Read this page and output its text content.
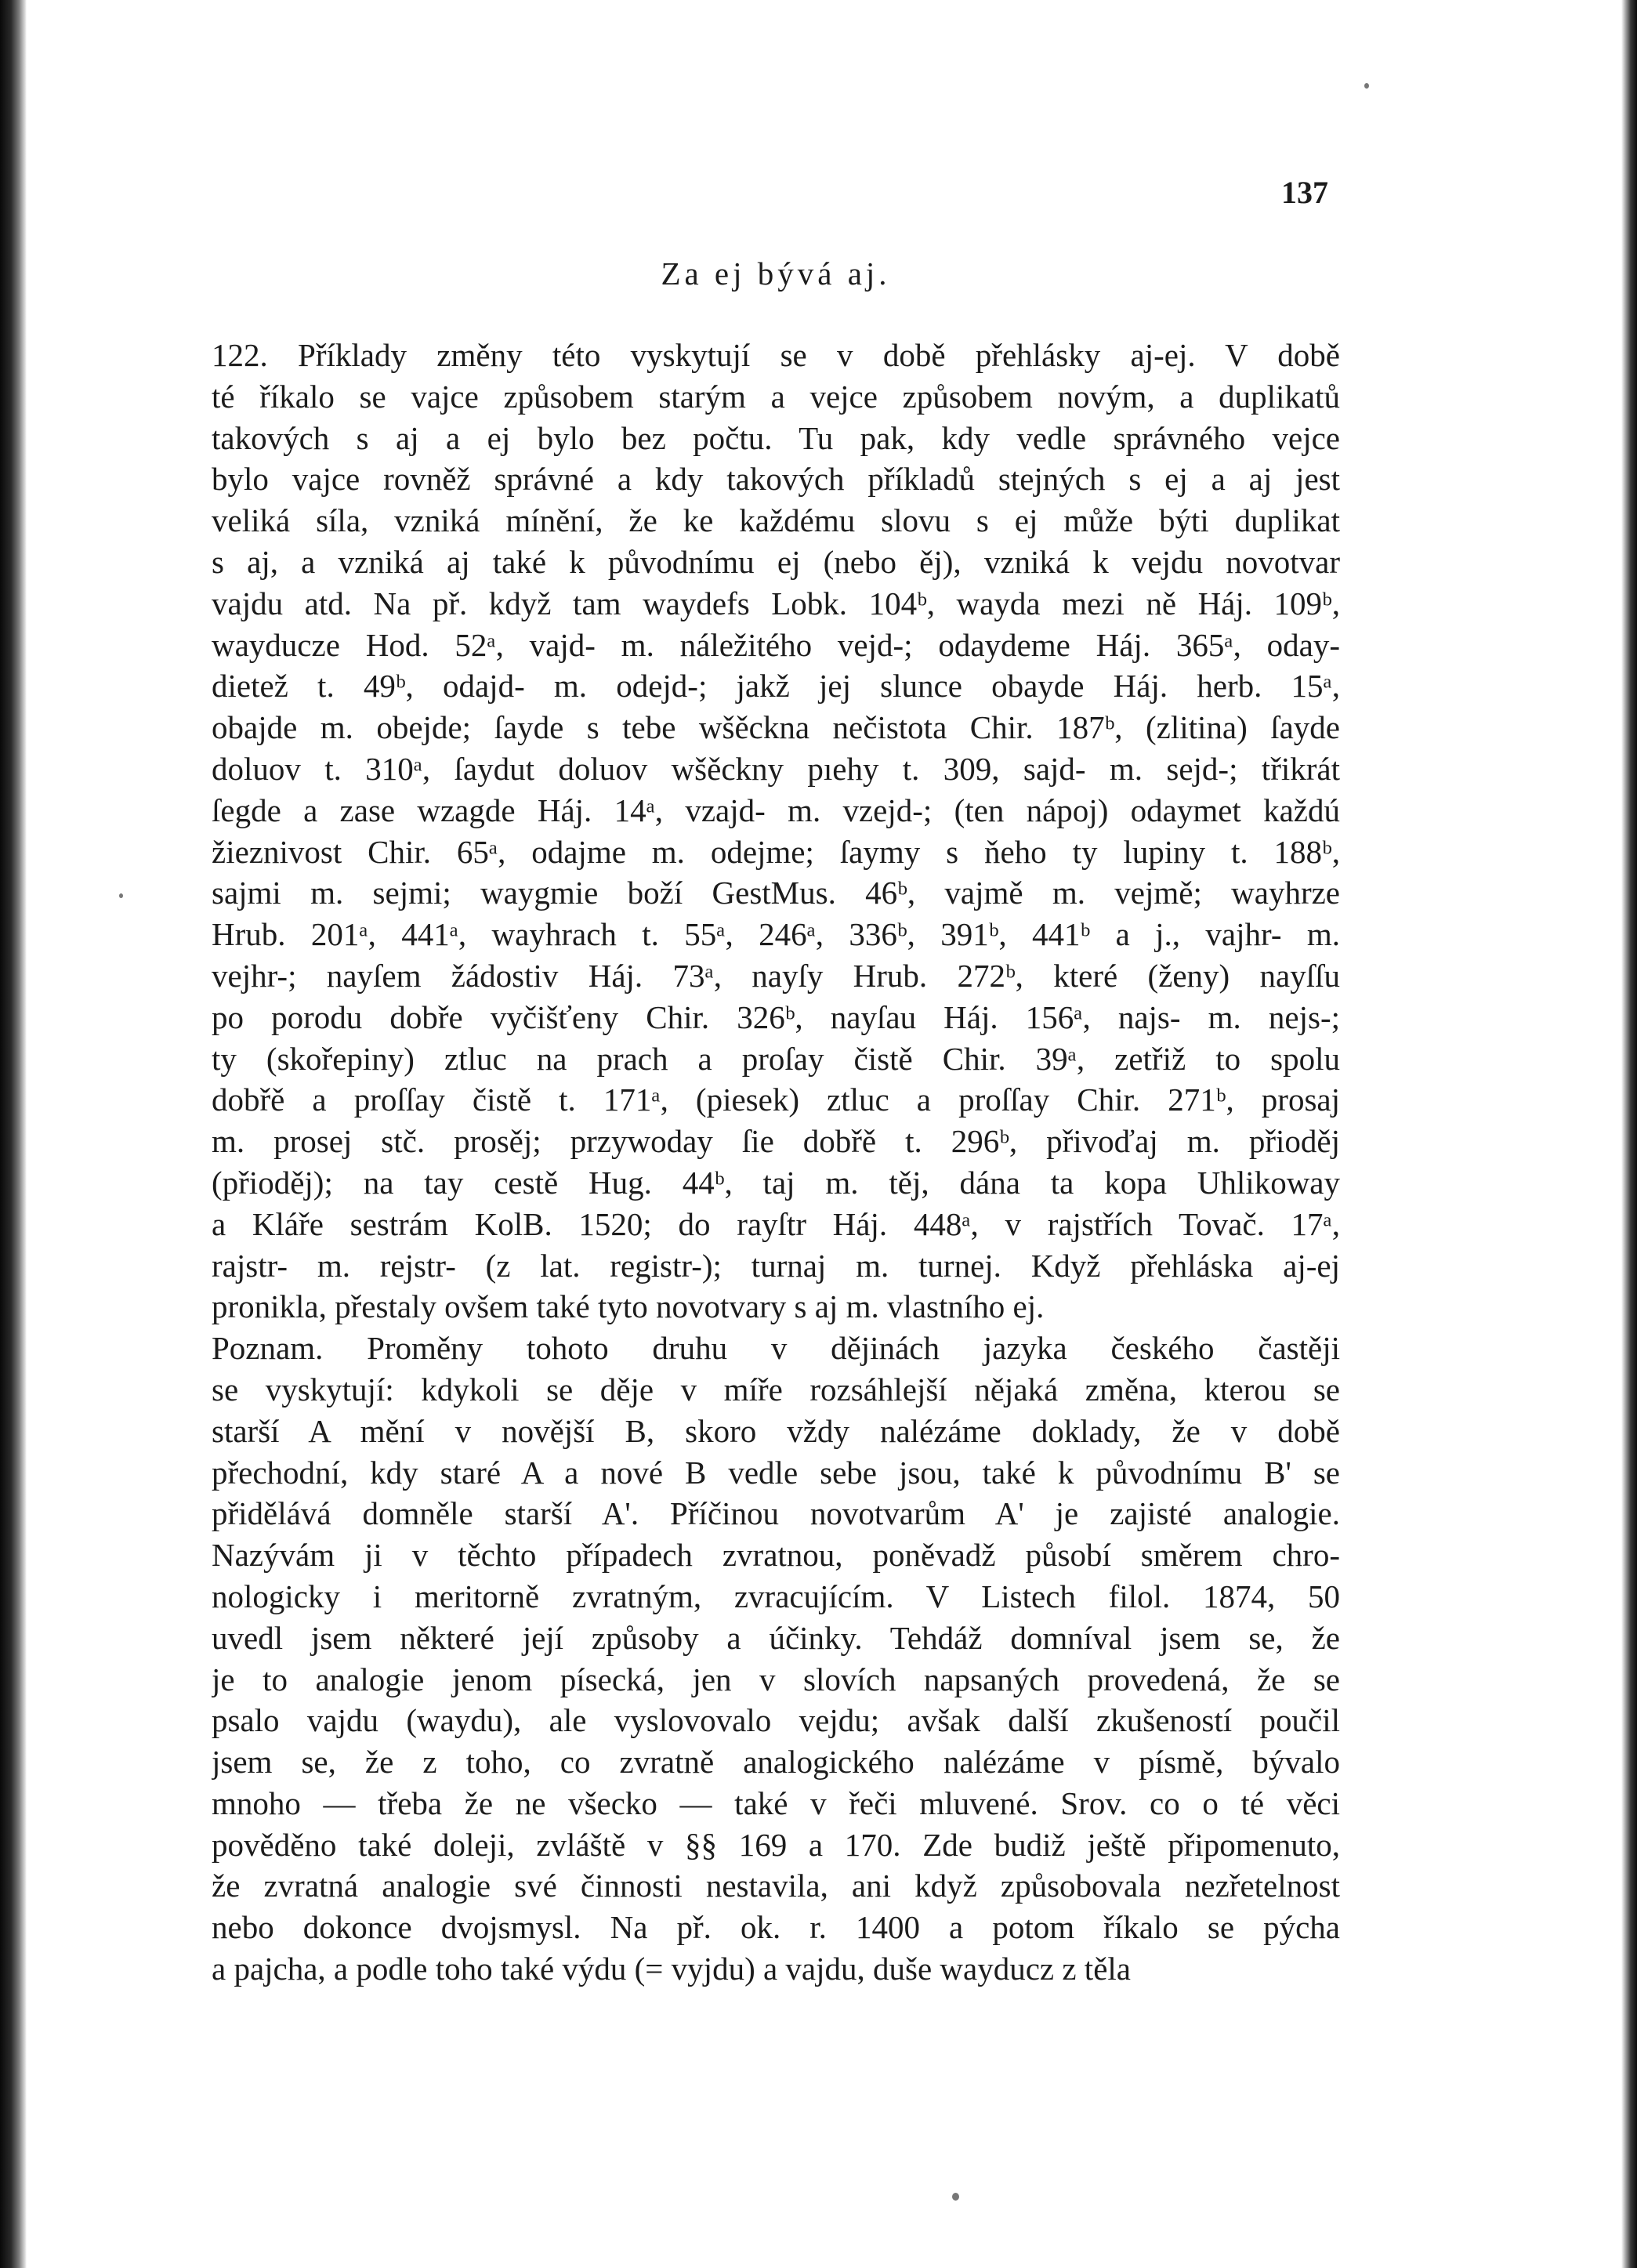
137

Za ej bývá aj.

122. Příklady změny této vyskytují se v době přehlásky aj-ej. V době
té říkalo se vajce způsobem starým a vejce způsobem novým, a duplikatů
takových s aj a ej bylo bez počtu. Tu pak, kdy vedle správného vejce
bylo vajce rovněž správné a kdy takových příkladů stejných s ej a aj jest
veliká síla, vzniká mínění, že ke každému slovu s ej může býti duplikat
s aj, a vzniká aj také k původnímu ej (nebo ěj), vzniká k vejdu novotvar
vajdu atd. Na př. když tam waydefs Lobk. 104ᵇ, wayda mezi ně Háj. 109ᵇ,
wayducze Hod. 52ᵃ, vajd- m. náležitého vejd-; odaydeme Háj. 365ᵃ, oday-
dietež t. 49ᵇ, odajd- m. odejd-; jakž jej slunce obayde Háj. herb. 15ᵃ,
obajde m. obejde; ſayde s tebe wšěckna nečistota Chir. 187ᵇ, (zlitina) ſayde
doluov t. 310ᵃ, ſaydut doluov wšěckny pıehy t. 309, sajd- m. sejd-; třikrát
ſegde a zase wzagde Háj. 14ᵃ, vzajd- m. vzejd-; (ten nápoj) odaymet každú
žieznivost Chir. 65ᵃ, odajme m. odejme; ſaymy s ňeho ty lupiny t. 188ᵇ,
sajmi m. sejmi; waygmie boží GestMus. 46ᵇ, vajmě m. vejmě; wayhrze
Hrub. 201ᵃ, 441ᵃ, wayhrach t. 55ᵃ, 246ᵃ, 336ᵇ, 391ᵇ, 441ᵇ a j., vajhr- m.
vejhr-; nayſem žádostiv Háj. 73ᵃ, nayſy Hrub. 272ᵇ, které (ženy) nayſſu
po porodu dobře vyčišťeny Chir. 326ᵇ, nayſau Háj. 156ᵃ, najs- m. nejs-;
ty (skořepiny) ztluc na prach a proſay čistě Chir. 39ᵃ, zetřiž to spolu
dobřě a proſſay čistě t. 171ᵃ, (piesek) ztluc a proſſay Chir. 271ᵇ, prosaj
m. prosej stč. prosěj; przywoday ſie dobřě t. 296ᵇ, přivoďaj m. přioděj
(přioděj); na tay cestě Hug. 44ᵇ, taj m. těj, dána ta kopa Uhlikoway
a Kláře sestrám KolB. 1520; do rayſtr Háj. 448ᵃ, v rajstřích Tovač. 17ᵃ,
rajstr- m. rejstr- (z lat. registr-); turnaj m. turnej. Když přehláska aj-ej
pronikla, přestaly ovšem také tyto novotvary s aj m. vlastního ej.
Poznam. Proměny tohoto druhu v dějinách jazyka českého častěji
se vyskytují: kdykoli se děje v míře rozsáhlejší nějaká změna, kterou se
starší A mění v novější B, skoro vždy nalézáme doklady, že v době
přechodní, kdy staré A a nové B vedle sebe jsou, také k původnímu B' se
přidělává domněle starší A'. Příčinou novotvarům A' je zajisté analogie.
Nazývám ji v těchto případech zvratnou, poněvadž působí směrem chro-
nologicky i meritorně zvratným, zvracujícím. V Listech filol. 1874, 50
uvedl jsem některé její způsoby a účinky. Tehdáž domníval jsem se, že
je to analogie jenom písecká, jen v slovích napsaných provedená, že se
psalo vajdu (waydu), ale vyslovovalo vejdu; avšak další zkušeností poučil
jsem se, že z toho, co zvratně analogického nalézáme v písmě, bývalo
mnoho — třeba že ne všecko — také v řeči mluvené. Srov. co o té věci
pověděno také doleji, zvláště v §§ 169 a 170. Zde budiž ještě připomenuto,
že zvratná analogie své činnosti nestavila, ani když způsobovala nezřetelnost
nebo dokonce dvojsmysl. Na př. ok. r. 1400 a potom říkalo se pýcha
a pajcha, a podle toho také výdu (= vyjdu) a vajdu, duše wayducz z těla
